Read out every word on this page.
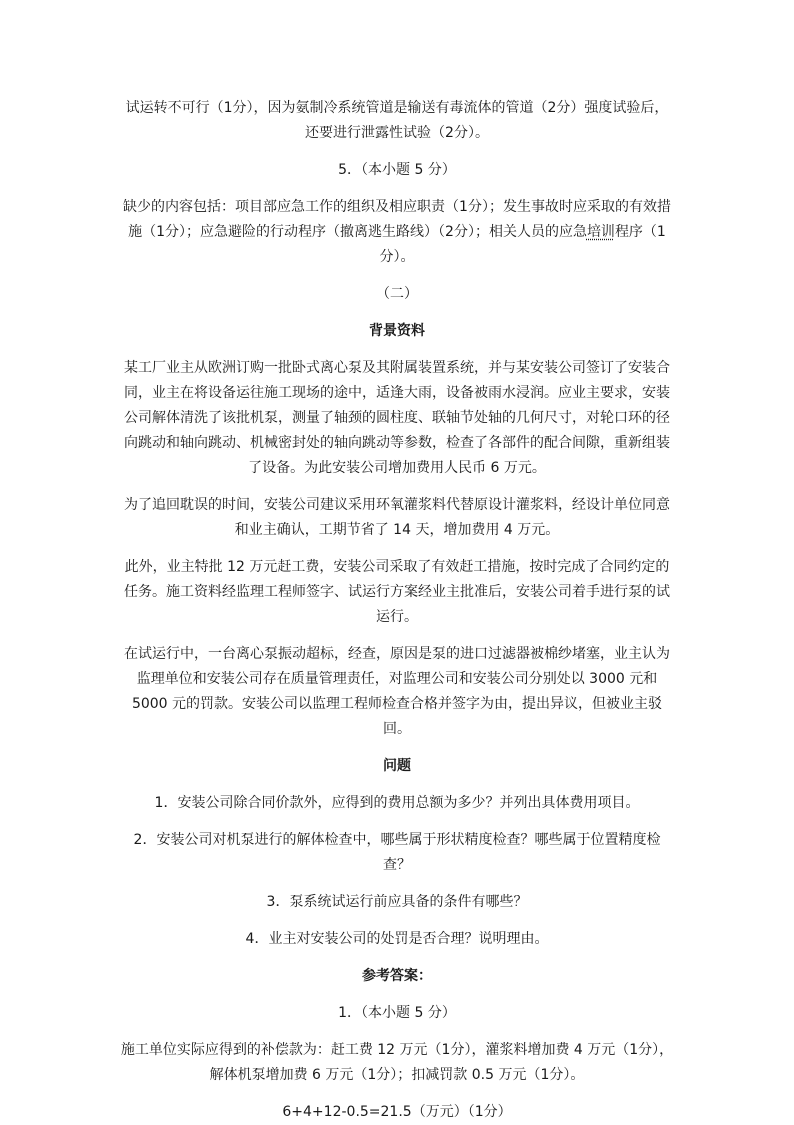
试运转不可行（1分），因为氨制冷系统管道是输送有毒流体的管道（2分）强度试验后，还要进行泄露性试验（2分）。

5．（本小题 5 分）

缺少的内容包括：项目部应急工作的组织及相应职责（1分）；发生事故时应采取的有效措施（1分）；应急避险的行动程序（撤离逃生路线）（2分）；相关人员的应急培训程序（1分）。

（二）

背景资料

某工厂业主从欧洲订购一批卧式离心泵及其附属装置系统，并与某安装公司签订了安装合同，业主在将设备运往施工现场的途中，适逢大雨，设备被雨水浸润。应业主要求，安装公司解体清洗了该批机泵，测量了轴颈的圆柱度、联轴节处轴的几何尺寸，对轮口环的径向跳动和轴向跳动、机械密封处的轴向跳动等参数，检查了各部件的配合间隙，重新组装了设备。为此安装公司增加费用人民币 6 万元。

为了追回耽误的时间，安装公司建议采用环氧灌浆料代替原设计灌浆料，经设计单位同意和业主确认，工期节省了 14 天，增加费用 4 万元。

此外，业主特批 12 万元赶工费，安装公司采取了有效赶工措施，按时完成了合同约定的任务。施工资料经监理工程师签字、试运行方案经业主批准后，安装公司着手进行泵的试运行。

在试运行中，一台离心泵振动超标，经查，原因是泵的进口过滤器被棉纱堵塞，业主认为监理单位和安装公司存在质量管理责任，对监理公司和安装公司分别处以 3000 元和 5000 元的罚款。安装公司以监理工程师检查合格并签字为由，提出异议，但被业主驳回。

问题

1．安装公司除合同价款外，应得到的费用总额为多少？并列出具体费用项目。

2．安装公司对机泵进行的解体检查中，哪些属于形状精度检查？哪些属于位置精度检查？

3．泵系统试运行前应具备的条件有哪些？

4．业主对安装公司的处罚是否合理？说明理由。

参考答案：

1．（本小题 5 分）

施工单位实际应得到的补偿款为：赶工费 12 万元（1分），灌浆料增加费 4 万元（1分），解体机泵增加费 6 万元（1分）；扣减罚款 0.5 万元（1分）。

6+4+12-0.5=21.5（万元）（1分）
